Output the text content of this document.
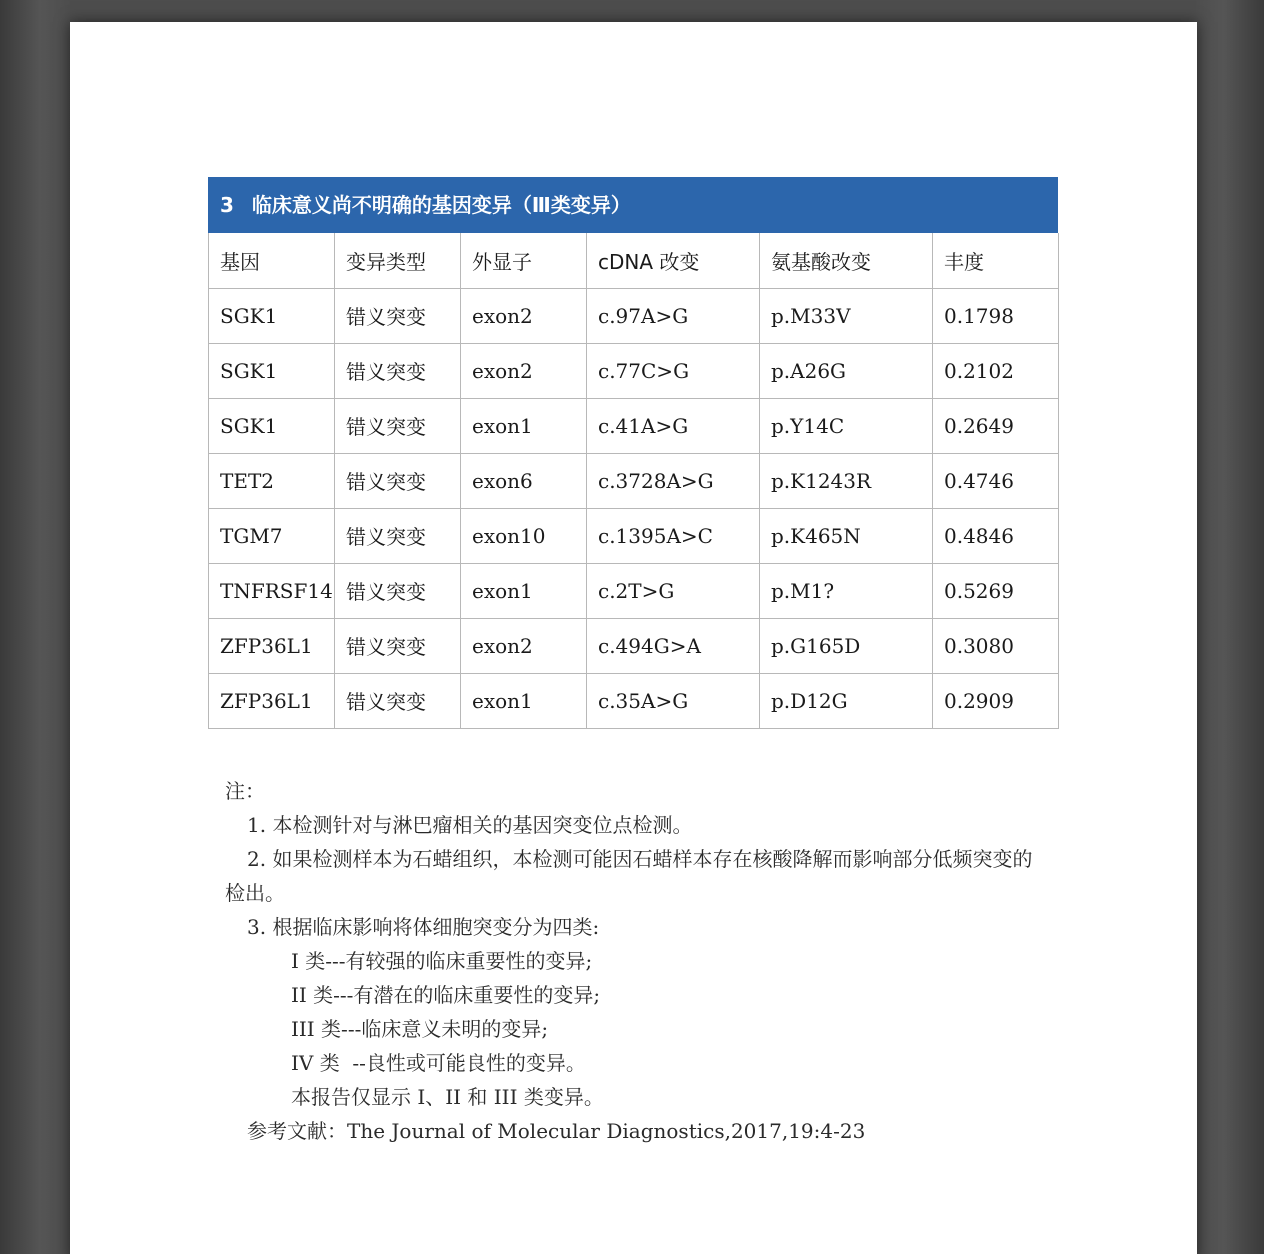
3 临床意义尚不明确的基因变异（Ⅲ类变异）
基因	变异类型	外显子	cDNA 改变	氨基酸改变	丰度
SGK1	错义突变	exon2	c.97A>G	p.M33V	0.1798
SGK1	错义突变	exon2	c.77C>G	p.A26G	0.2102
SGK1	错义突变	exon1	c.41A>G	p.Y14C	0.2649
TET2	错义突变	exon6	c.3728A>G	p.K1243R	0.4746
TGM7	错义突变	exon10	c.1395A>C	p.K465N	0.4846
TNFRSF14	错义突变	exon1	c.2T>G	p.M1?	0.5269
ZFP36L1	错义突变	exon2	c.494G>A	p.G165D	0.3080
ZFP36L1	错义突变	exon1	c.35A>G	p.D12G	0.2909

注：

1. 本检测针对与淋巴瘤相关的基因突变位点检测。

2. 如果检测样本为石蜡组织，本检测可能因石蜡样本存在核酸降解而影响部分低频突变的检出。

3. 根据临床影响将体细胞突变分为四类:

I 类---有较强的临床重要性的变异;

II 类---有潜在的临床重要性的变异;

III 类---临床意义未明的变异;

IV 类  --良性或可能良性的变异。

本报告仅显示 I、II 和 III 类变异。

参考文献：The Journal of Molecular Diagnostics,2017,19:4-23
